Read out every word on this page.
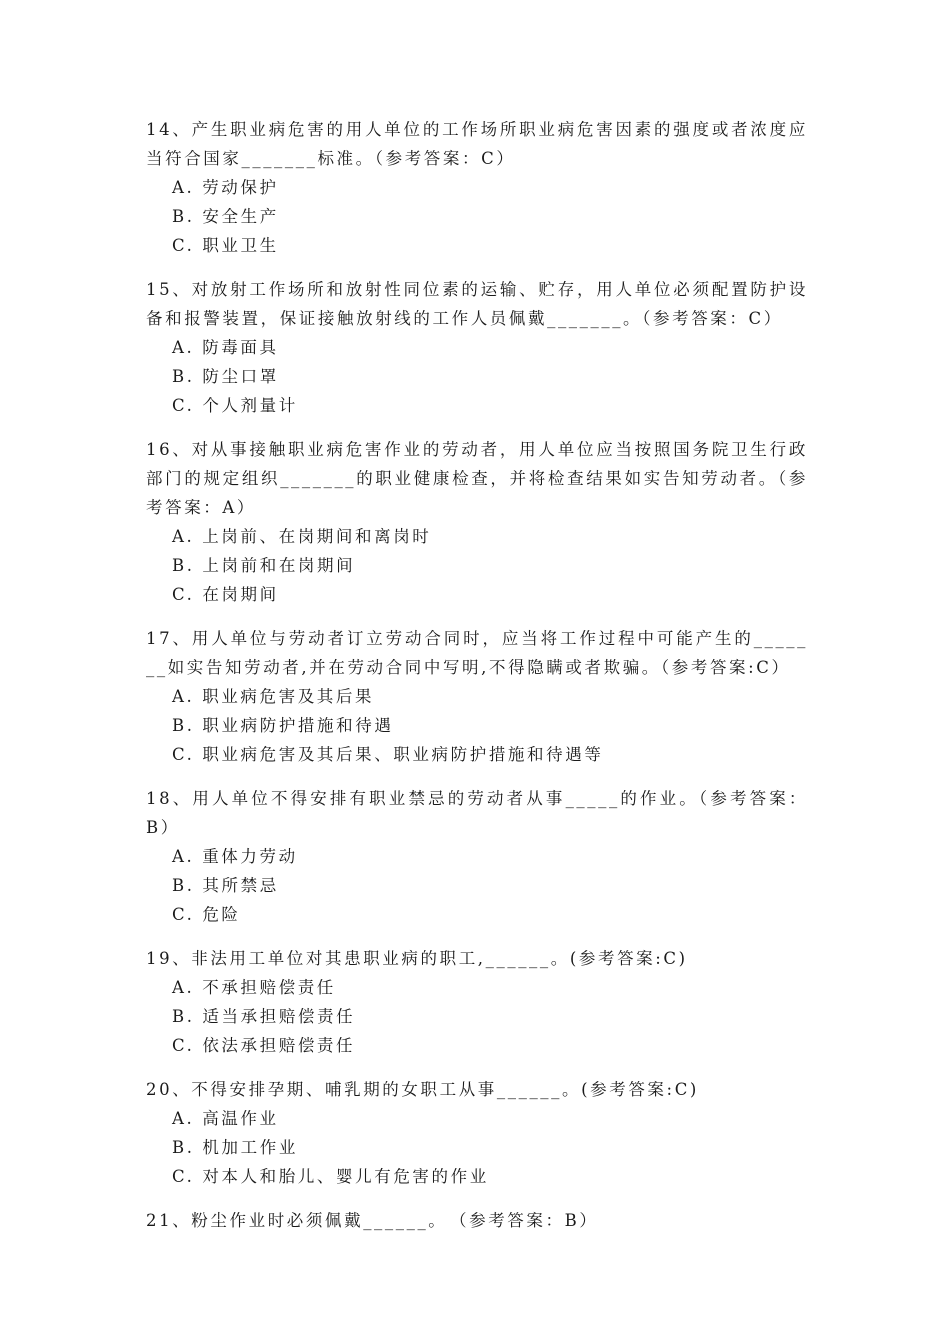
14、产生职业病危害的用人单位的工作场所职业病危害因素的强度或者浓度应当符合国家_______标准。（参考答案：C）

A. 劳动保护
B. 安全生产
C. 职业卫生

15、对放射工作场所和放射性同位素的运输、贮存，用人单位必须配置防护设备和报警装置，保证接触放射线的工作人员佩戴_______。（参考答案：C）

A. 防毒面具
B. 防尘口罩
C. 个人剂量计

16、对从事接触职业病危害作业的劳动者，用人单位应当按照国务院卫生行政部门的规定组织_______的职业健康检查，并将检查结果如实告知劳动者。（参考答案：A）

A. 上岗前、在岗期间和离岗时
B. 上岗前和在岗期间
C. 在岗期间

17、用人单位与劳动者订立劳动合同时，应当将工作过程中可能产生的_______如实告知劳动者,并在劳动合同中写明,不得隐瞒或者欺骗。（参考答案:C）

A. 职业病危害及其后果
B. 职业病防护措施和待遇
C. 职业病危害及其后果、职业病防护措施和待遇等

18、用人单位不得安排有职业禁忌的劳动者从事_____的作业。（参考答案：B）

A. 重体力劳动
B. 其所禁忌
C. 危险

19、非法用工单位对其患职业病的职工,______。(参考答案:C)

A. 不承担赔偿责任
B. 适当承担赔偿责任
C. 依法承担赔偿责任

20、不得安排孕期、哺乳期的女职工从事______。(参考答案:C)

A. 高温作业
B. 机加工作业
C. 对本人和胎儿、婴儿有危害的作业

21、粉尘作业时必须佩戴______。　（参考答案：B）
